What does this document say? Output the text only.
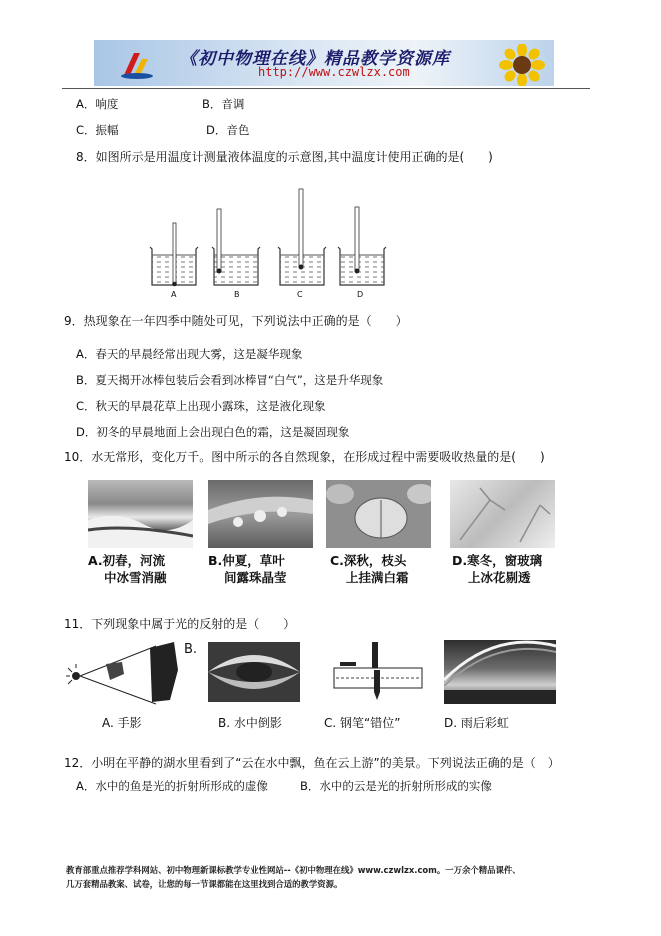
《初中物理在线》精品教学资源库
http://www.czwlzx.com
A．响度	B．音调
C．振幅	D．音色
8．如图所示是用温度计测量液体温度的示意图,其中温度计使用正确的是(　　)
A	B	C	D
9．热现象在一年四季中随处可见，下列说法中正确的是（　　）
A．春天的早晨经常出现大雾，这是凝华现象
B．夏天揭开冰棒包装后会看到冰棒冒“白气”，这是升华现象
C．秋天的早晨花草上出现小露珠，这是液化现象
D．初冬的早晨地面上会出现白色的霜，这是凝固现象
10．水无常形，变化万千。图中所示的各自然现象，在形成过程中需要吸收热量的是(　　)
A.初春，河流
中冰雪消融
B.仲夏，草叶
间露珠晶莹
C.深秋，枝头
上挂满白霜
D.寒冬，窗玻璃
上冰花剔透
11．下列现象中属于光的反射的是（　　）
B.
A. 手影	B. 水中倒影	C. 钢笔“错位”	D. 雨后彩虹
12．小明在平静的湖水里看到了“云在水中飘，鱼在云上游”的美景。下列说法正确的是（　）
A．水中的鱼是光的折射所形成的虚像	B．水中的云是光的折射所形成的实像
教育部重点推荐学科网站、初中物理新课标教学专业性网站--《初中物理在线》www.czwlzx.com。一万余个精品课件、
几万套精品教案、试卷，让您的每一节课都能在这里找到合适的教学资源。
